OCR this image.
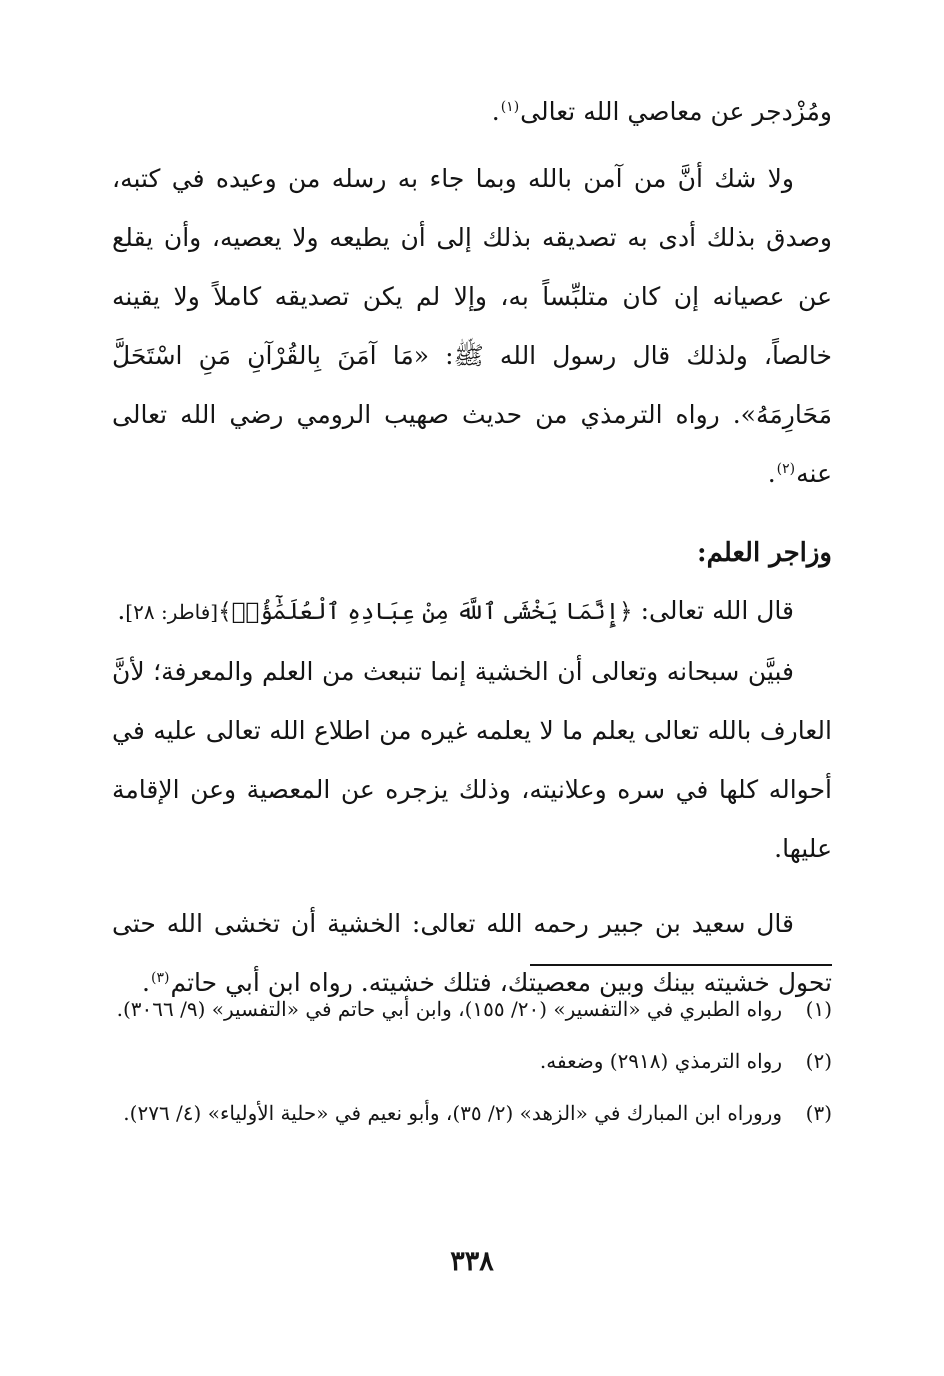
ومُزْدجر عن معاصي الله تعالى$^{(١)}$.

ولا شك أنَّ من آمن بالله وبما جاء به رسله من وعيده في كتبه، وصدق بذلك أدى به تصديقه بذلك إلى أن يطيعه ولا يعصيه، وأن يقلع عن عصيانه إن كان متلبِّساً به، وإلا لم يكن تصديقه كاملاً ولا يقينه خالصاً، ولذلك قال رسول الله ﷺ: «مَا آمَنَ بِالقُرْآنِ مَنِ اسْتَحَلَّ مَحَارِمَهُ». رواه الترمذي من حديث صهيب الرومي رضي الله تعالى عنه$^{(٢)}$.

وزاجر العلم:

قال الله تعالى: ﴿إِنَّمَا يَخْشَى ٱللَّهَ مِنْ عِبَادِهِ ٱلْعُلَمَٰٓؤُا۟﴾[فاطر: ٢٨].

فبيَّن سبحانه وتعالى أن الخشية إنما تنبعث من العلم والمعرفة؛ لأنَّ العارف بالله تعالى يعلم ما لا يعلمه غيره من اطلاع الله تعالى عليه في أحواله كلها في سره وعلانيته، وذلك يزجره عن المعصية وعن الإقامة عليها.

قال سعيد بن جبير رحمه الله تعالى: الخشية أن تخشى الله حتى تحول خشيته بينك وبين معصيتك، فتلك خشيته. رواه ابن أبي حاتم$^{(٣)}$.

(١)
رواه الطبري في «التفسير» (٢٠/ ١٥٥)، وابن أبي حاتم في «التفسير» (٩/ ٣٠٦٦).
(٢)
رواه الترمذي (٢٩١٨) وضعفه.
(٣)
وروراه ابن المبارك في «الزهد» (٢/ ٣٥)، وأبو نعيم في «حلية الأولياء» (٤/ ٢٧٦).
٣٣٨
